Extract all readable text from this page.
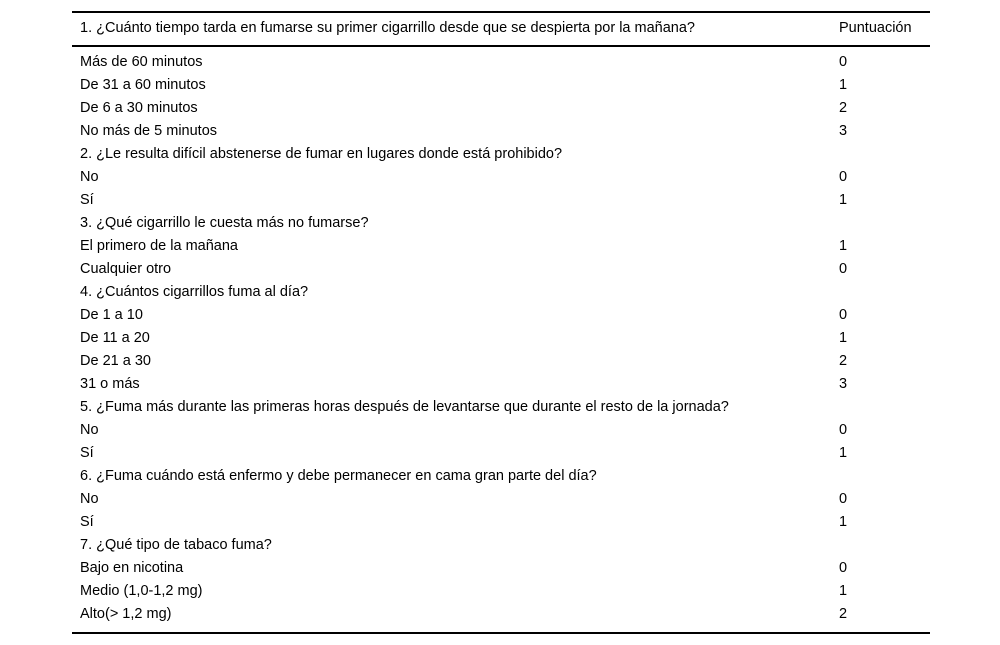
1. ¿Cuánto tiempo tarda en fumarse su primer cigarrillo desde que se despierta por la mañana?	Puntuación
Más de 60 minutos	0
De 31 a 60 minutos	1
De 6 a 30 minutos	2
No más de 5 minutos	3
2. ¿Le resulta difícil abstenerse de fumar en lugares donde está prohibido?	
No	0
Sí	1
3. ¿Qué cigarrillo le cuesta más no fumarse?	
El primero de la mañana	1
Cualquier otro	0
4. ¿Cuántos cigarrillos fuma al día?	
De 1 a 10	0
De 11 a 20	1
De 21 a 30	2
31 o más	3
5. ¿Fuma más durante las primeras horas después de levantarse que durante el resto de la jornada?	
No	0
Sí	1
6. ¿Fuma cuándo está enfermo y debe permanecer en cama gran parte del día?	
No	0
Sí	1
7. ¿Qué tipo de tabaco fuma?	
Bajo en nicotina	0
Medio (1,0-1,2 mg)	1
Alto(> 1,2 mg)	2
